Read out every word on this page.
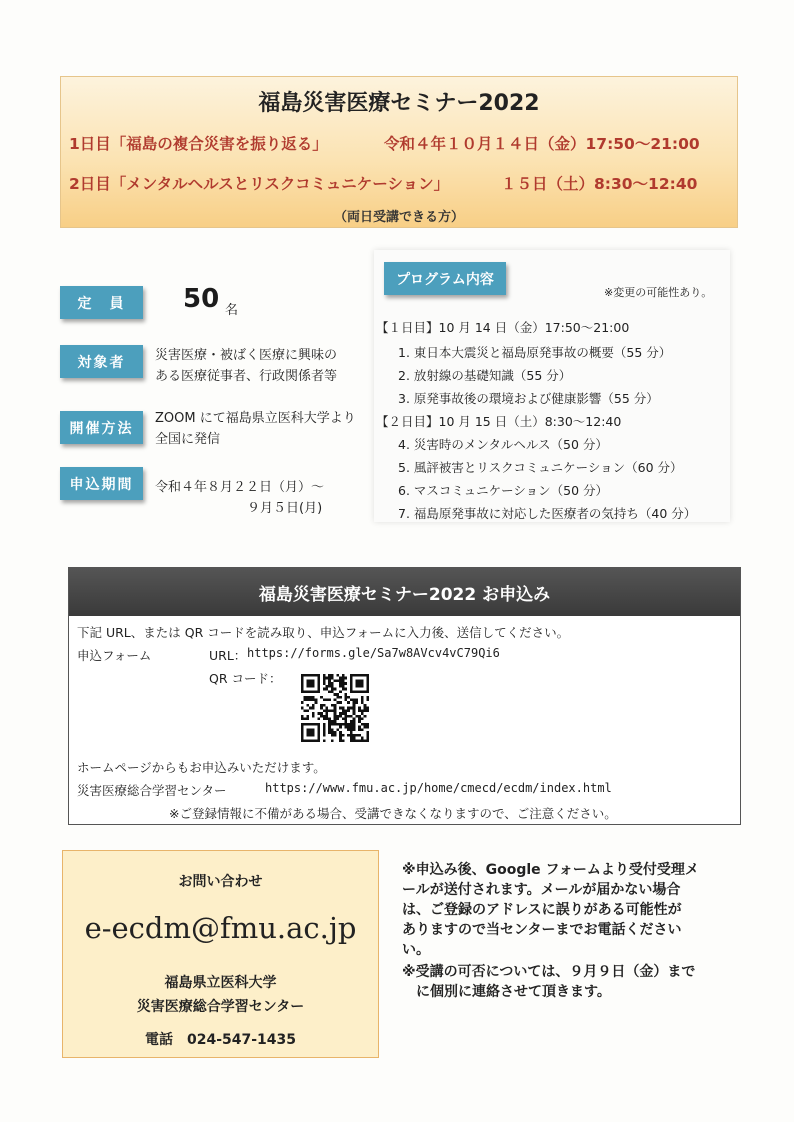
福島災害医療セミナー2022
1日目「福島の複合災害を振り返る」	令和４年１０月１４日（金）17:50〜21:00
2日目「メンタルヘルスとリスクコミュニケーション」	１５日（土）8:30〜12:40
（両日受講できる方）
定　員	50 名
対象者	災害医療・被ばく医療に興味の
ある医療従事者、行政関係者等
開催方法
ZOOM にて福島県立医科大学より
全国に発信
申込期間	令和４年８月２２日（月）〜
９月５日(月)
プログラム内容
※変更の可能性あり。
【１日目】10 月 14 日（金）17:50〜21:00
1. 東日本大震災と福島原発事故の概要（55 分）
2. 放射線の基礎知識（55 分）
3. 原発事故後の環境および健康影響（55 分）
【２日目】10 月 15 日（土）8:30〜12:40
4. 災害時のメンタルヘルス（50 分）
5. 風評被害とリスクコミュニケーション（60 分）
6. マスコミュニケーション（50 分）
7. 福島原発事故に対応した医療者の気持ち（40 分）
福島災害医療セミナー2022 お申込み
下記 URL、または QR コードを読み取り、申込フォームに入力後、送信してください。
申込フォーム	URL： https://forms.gle/Sa7w8AVcv4vC79Qi6
QR コード：
ホームページからもお申込みいただけます。
災害医療総合学習センター	https://www.fmu.ac.jp/home/cmecd/ecdm/index.html
※ご登録情報に不備がある場合、受講できなくなりますので、ご注意ください。
お問い合わせ
e-ecdm@fmu.ac.jp
福島県立医科大学
災害医療総合学習センター
電話　024-547-1435
※申込み後、Google フォームより受付受理メ
ールが送付されます。メールが届かない場合
は、ご登録のアドレスに誤りがある可能性が
ありますので当センターまでお電話ください
い。
※受講の可否については、９月９日（金）まで
に個別に連絡させて頂きます。
